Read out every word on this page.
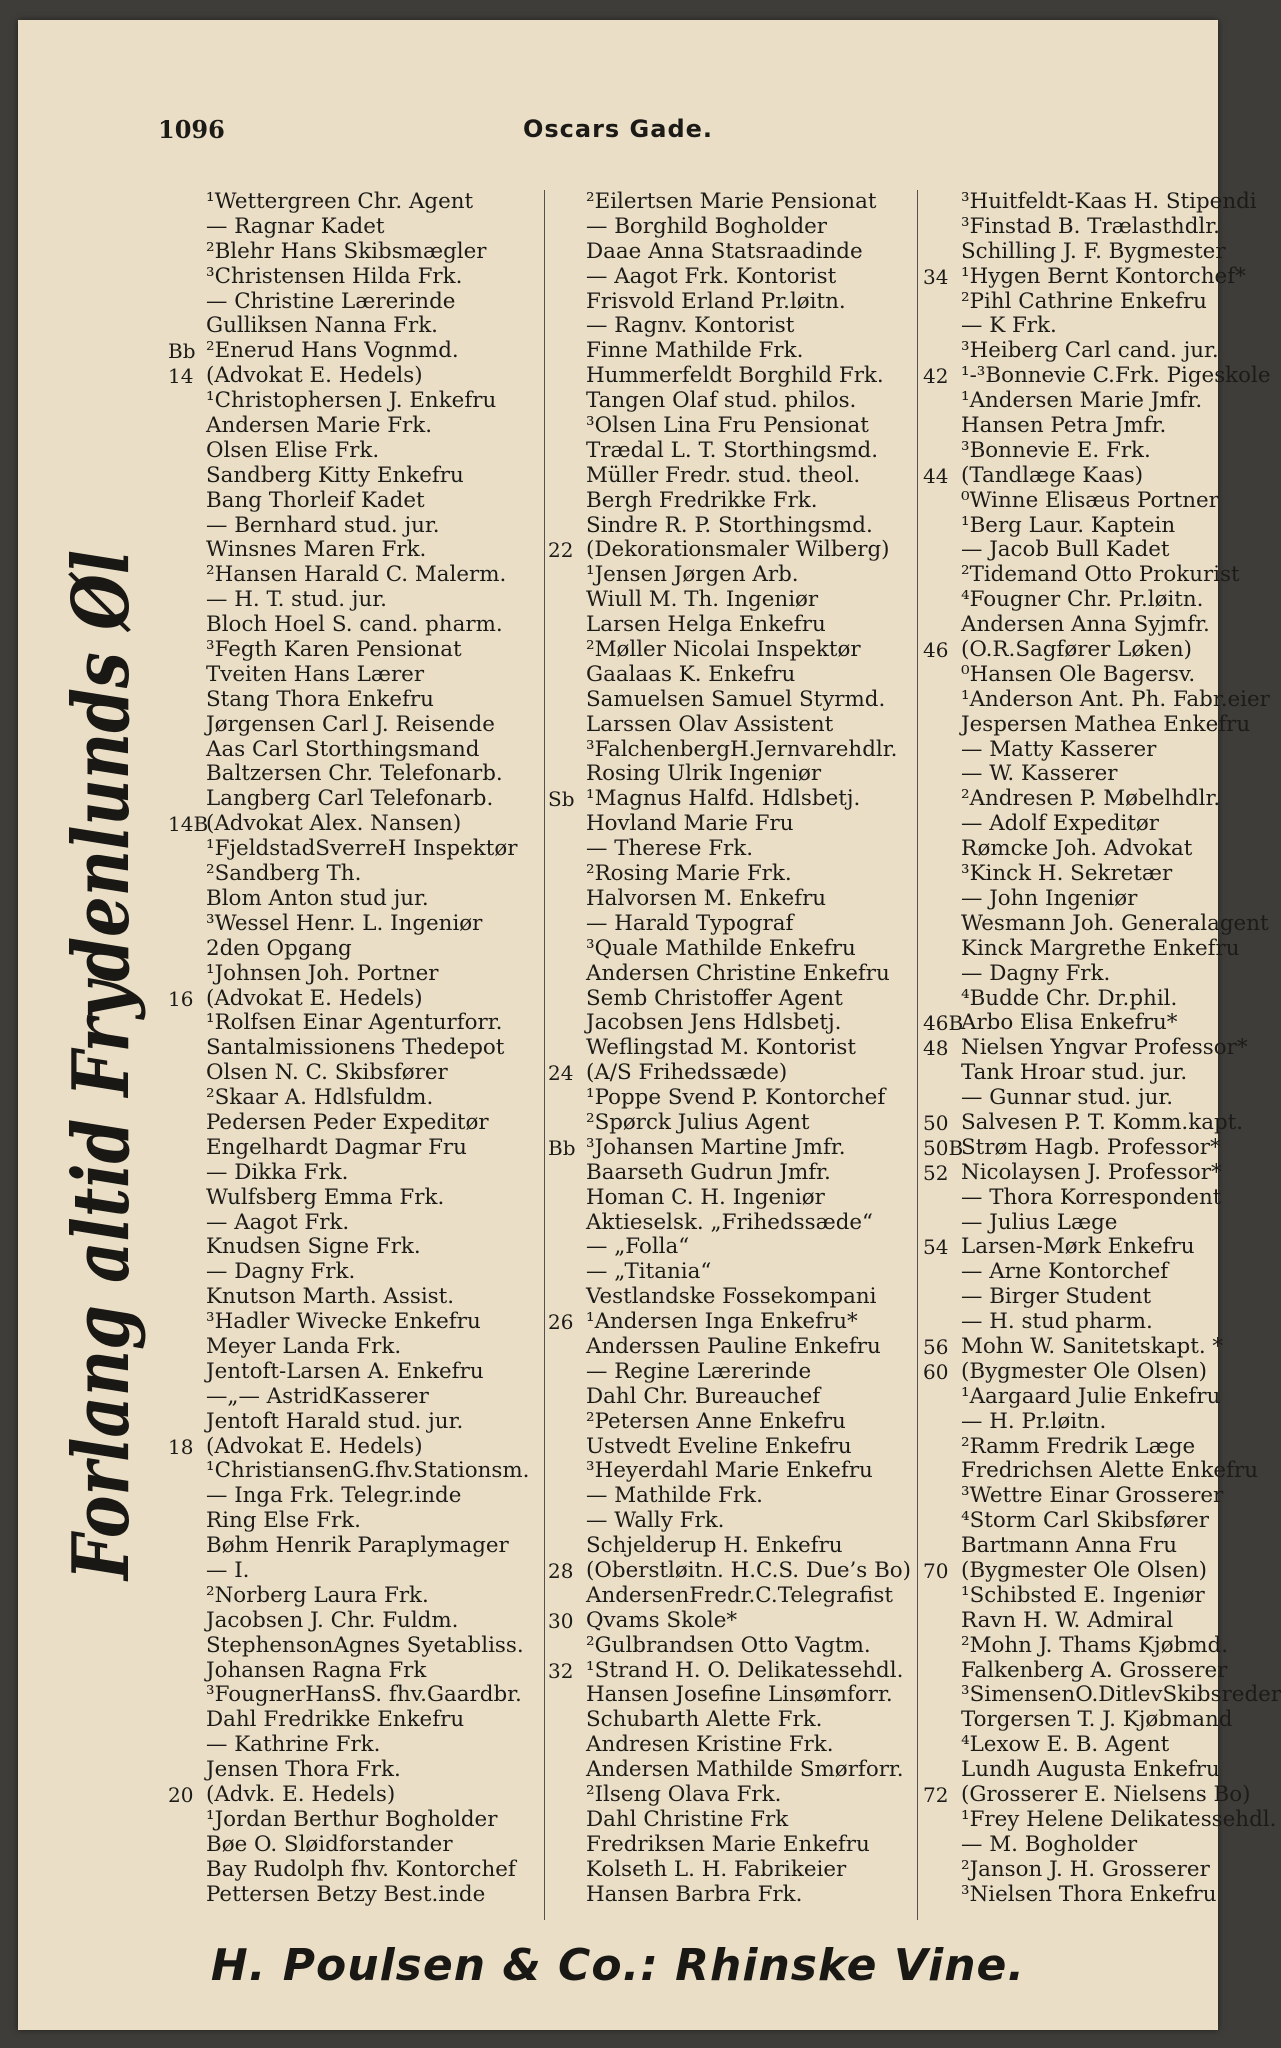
1096	Oscars Gade.
Forlang altid Frydenlunds Øl
¹Wettergreen Chr. Agent
— Ragnar Kadet
²Blehr Hans Skibsmægler
³Christensen Hilda Frk.
— Christine Lærerinde
Gulliksen Nanna Frk.
Bb ²Enerud Hans Vognmd.
14 (Advokat E. Hedels)
¹Christophersen J. Enkefru
Andersen Marie Frk.
Olsen Elise Frk.
Sandberg Kitty Enkefru
Bang Thorleif Kadet
— Bernhard stud. jur.
Winsnes Maren Frk.
²Hansen Harald C. Malerm.
— H. T. stud. jur.
Bloch Hoel S. cand. pharm.
³Fegth Karen Pensionat
Tveiten Hans Lærer
Stang Thora Enkefru
Jørgensen Carl J. Reisende
Aas Carl Storthingsmand
Baltzersen Chr. Telefonarb.
Langberg Carl Telefonarb.
14B
(Advokat Alex. Nansen)
¹FjeldstadSverreH Inspektør
²Sandberg Th.
Blom Anton stud jur.
³Wessel Henr. L. Ingeniør
2den Opgang
¹Johnsen Joh. Portner
16 (Advokat E. Hedels)
¹Rolfsen Einar Agenturforr.
Santalmissionens Thedepot
Olsen N. C. Skibsfører
²Skaar A. Hdlsfuldm.
Pedersen Peder Expeditør
Engelhardt Dagmar Fru
— Dikka Frk.
Wulfsberg Emma Frk.
— Aagot Frk.
Knudsen Signe Frk.
— Dagny Frk.
Knutson Marth. Assist.
³Hadler Wivecke Enkefru
Meyer Landa Frk.
Jentoft-Larsen A. Enkefru
—„— AstridKasserer
Jentoft Harald stud. jur.
18 (Advokat E. Hedels)
¹ChristiansenG.fhv.Stationsm.
— Inga Frk. Telegr.inde
Ring Else Frk.
Bøhm Henrik Paraplymager
— I.
²Norberg Laura Frk.
Jacobsen J. Chr. Fuldm.
StephensonAgnes Syetabliss.
Johansen Ragna Frk
³FougnerHansS. fhv.Gaardbr.
Dahl Fredrikke Enkefru
— Kathrine Frk.
Jensen Thora Frk.
20 (Advk. E. Hedels)
¹Jordan Berthur Bogholder
Bøe O. Sløidforstander
Bay Rudolph fhv. Kontorchef
Pettersen Betzy Best.inde
²Eilertsen Marie Pensionat
— Borghild Bogholder
Daae Anna Statsraadinde
— Aagot Frk. Kontorist
Frisvold Erland Pr.løitn.
— Ragnv. Kontorist
Finne Mathilde Frk.
Hummerfeldt Borghild Frk.
Tangen Olaf stud. philos.
³Olsen Lina Fru Pensionat
Trædal L. T. Storthingsmd.
Müller Fredr. stud. theol.
Bergh Fredrikke Frk.
Sindre R. P. Storthingsmd.
22 (Dekorationsmaler Wilberg)
¹Jensen Jørgen Arb.
Wiull M. Th. Ingeniør
Larsen Helga Enkefru
²Møller Nicolai Inspektør
Gaalaas K. Enkefru
Samuelsen Samuel Styrmd.
Larssen Olav Assistent
³FalchenbergH.Jernvarehdlr.
Rosing Ulrik Ingeniør
Sb ¹Magnus Halfd. Hdlsbetj.
Hovland Marie Fru
— Therese Frk.
²Rosing Marie Frk.
Halvorsen M. Enkefru
— Harald Typograf
³Quale Mathilde Enkefru
Andersen Christine Enkefru
Semb Christoffer Agent
Jacobsen Jens Hdlsbetj.
Weflingstad M. Kontorist
24 (A/S Frihedssæde)
¹Poppe Svend P. Kontorchef
²Spørck Julius Agent
Bb ³Johansen Martine Jmfr.
Baarseth Gudrun Jmfr.
Homan C. H. Ingeniør
Aktieselsk. „Frihedssæde“
— „Folla“
— „Titania“
Vestlandske Fossekompani
26 ¹Andersen Inga Enkefru*
Anderssen Pauline Enkefru
— Regine Lærerinde
Dahl Chr. Bureauchef
²Petersen Anne Enkefru
Ustvedt Eveline Enkefru
³Heyerdahl Marie Enkefru
— Mathilde Frk.
— Wally Frk.
Schjelderup H. Enkefru
28 (Oberstløitn. H.C.S. Due’s Bo)
AndersenFredr.C.Telegrafist
30 Qvams Skole*
²Gulbrandsen Otto Vagtm.
32 ¹Strand H. O. Delikatessehdl.
Hansen Josefine Linsømforr.
Schubarth Alette Frk.
Andresen Kristine Frk.
Andersen Mathilde Smørforr.
²Ilseng Olava Frk.
Dahl Christine Frk
Fredriksen Marie Enkefru
Kolseth L. H. Fabrikeier
Hansen Barbra Frk.
³Huitfeldt-Kaas H. Stipendi
³Finstad B. Trælasthdlr.
Schilling J. F. Bygmester
34 ¹Hygen Bernt Kontorchef*
²Pihl Cathrine Enkefru
— K Frk.
³Heiberg Carl cand. jur.
42 ¹-³Bonnevie C.Frk. Pigeskole
¹Andersen Marie Jmfr.
Hansen Petra Jmfr.
³Bonnevie E. Frk.
44 (Tandlæge Kaas)
⁰Winne Elisæus Portner
¹Berg Laur. Kaptein
— Jacob Bull Kadet
²Tidemand Otto Prokurist
⁴Fougner Chr. Pr.løitn.
Andersen Anna Syjmfr.
46 (O.R.Sagfører Løken)
⁰Hansen Ole Bagersv.
¹Anderson Ant. Ph. Fabr.eier
Jespersen Mathea Enkefru
— Matty Kasserer
— W. Kasserer
²Andresen P. Møbelhdlr.
— Adolf Expeditør
Rømcke Joh. Advokat
³Kinck H. Sekretær
— John Ingeniør
Wesmann Joh. Generalagent
Kinck Margrethe Enkefru
— Dagny Frk.
⁴Budde Chr. Dr.phil.
46B
Arbo Elisa Enkefru*
48 Nielsen Yngvar Professor*
Tank Hroar stud. jur.
— Gunnar stud. jur.
50 Salvesen P. T. Komm.kapt.
50B
Strøm Hagb. Professor*
52 Nicolaysen J. Professor*
— Thora Korrespondent
— Julius Læge
54 Larsen-Mørk Enkefru
— Arne Kontorchef
— Birger Student
— H. stud pharm.
56 Mohn W. Sanitetskapt. *
60 (Bygmester Ole Olsen)
¹Aargaard Julie Enkefru
— H. Pr.løitn.
²Ramm Fredrik Læge
Fredrichsen Alette Enkefru
³Wettre Einar Grosserer
⁴Storm Carl Skibsfører
Bartmann Anna Fru
70 (Bygmester Ole Olsen)
¹Schibsted E. Ingeniør
Ravn H. W. Admiral
²Mohn J. Thams Kjøbmd.
Falkenberg A. Grosserer
³SimensenO.DitlevSkibsreder
Torgersen T. J. Kjøbmand
⁴Lexow E. B. Agent
Lundh Augusta Enkefru
72 (Grosserer E. Nielsens Bo)
¹Frey Helene Delikatessehdl.
— M. Bogholder
²Janson J. H. Grosserer
³Nielsen Thora Enkefru
H. Poulsen & Co.: Rhinske Vine.
